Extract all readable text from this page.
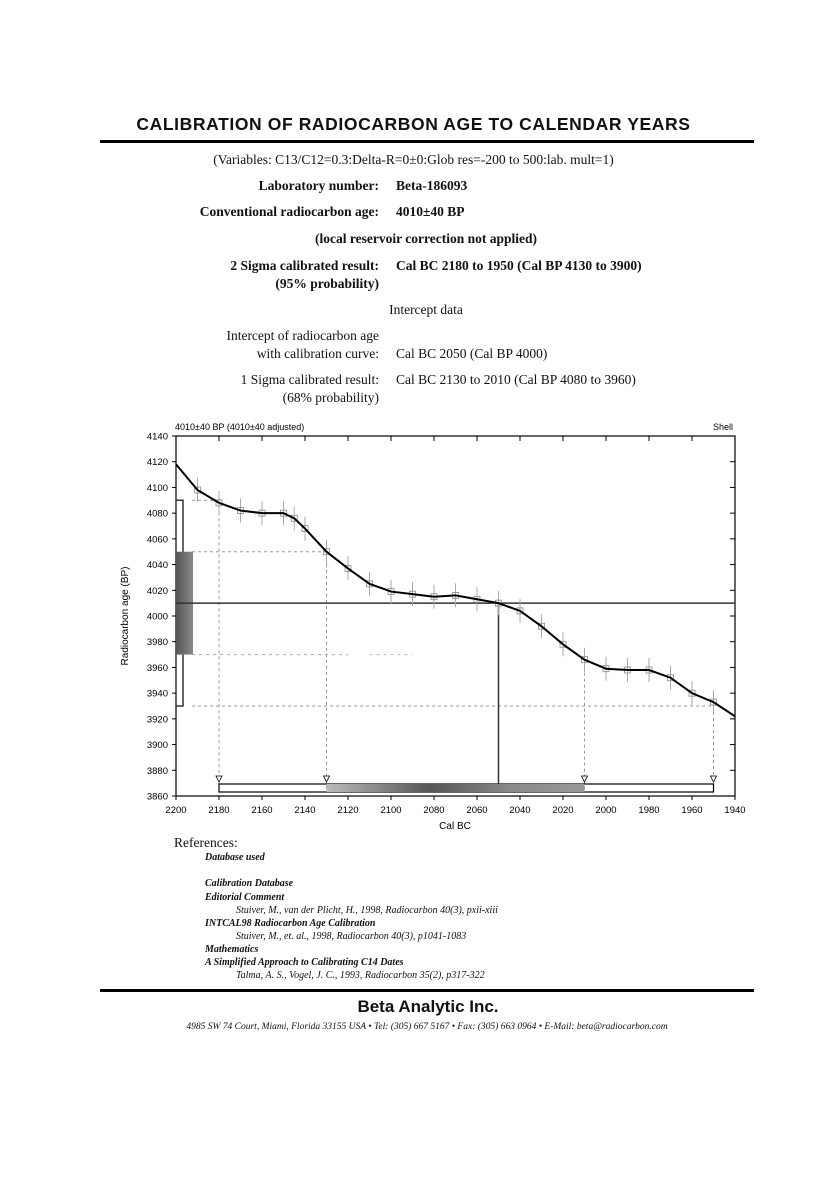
CALIBRATION OF RADIOCARBON AGE TO CALENDAR YEARS
(Variables: C13/C12=0.3:Delta-R=0±0:Glob res=-200 to 500:lab. mult=1)
Laboratory number: Beta-186093
Conventional radiocarbon age: 4010±40 BP
(local reservoir correction not applied)
2 Sigma calibrated result: Cal BC 2180 to 1950 (Cal BP 4130 to 3900)
(95% probability)
Intercept data
Intercept of radiocarbon age
with calibration curve: Cal BC 2050 (Cal BP 4000)
1 Sigma calibrated result: Cal BC 2130 to 2010 (Cal BP 4080 to 3960)
(68% probability)
4140
4120
4100
4080
4060
4040
4020
4000
3980
3960
3940
3920
3900
3880
3860
2200 2180 2160 2140 2120 2100 2080 2060 2040 2020 2000 1980 1960 1940
4010±40 BP (4010±40 adjusted)	Shell
Cal BC
Radiocarbon age (BP)
References:
Database used
Calibration Database
Editorial Comment
Stuiver, M., van der Plicht, H., 1998, Radiocarbon 40(3), pxii-xiii
INTCAL98 Radiocarbon Age Calibration
Stuiver, M., et. al., 1998, Radiocarbon 40(3), p1041-1083
Mathematics
A Simplified Approach to Calibrating C14 Dates
Talma, A. S., Vogel, J. C., 1993, Radiocarbon 35(2), p317-322
Beta Analytic Inc.
4985 SW 74 Court, Miami, Florida 33155 USA • Tel: (305) 667 5167 • Fax: (305) 663 0964 • E-Mail: beta@radiocarbon.com
